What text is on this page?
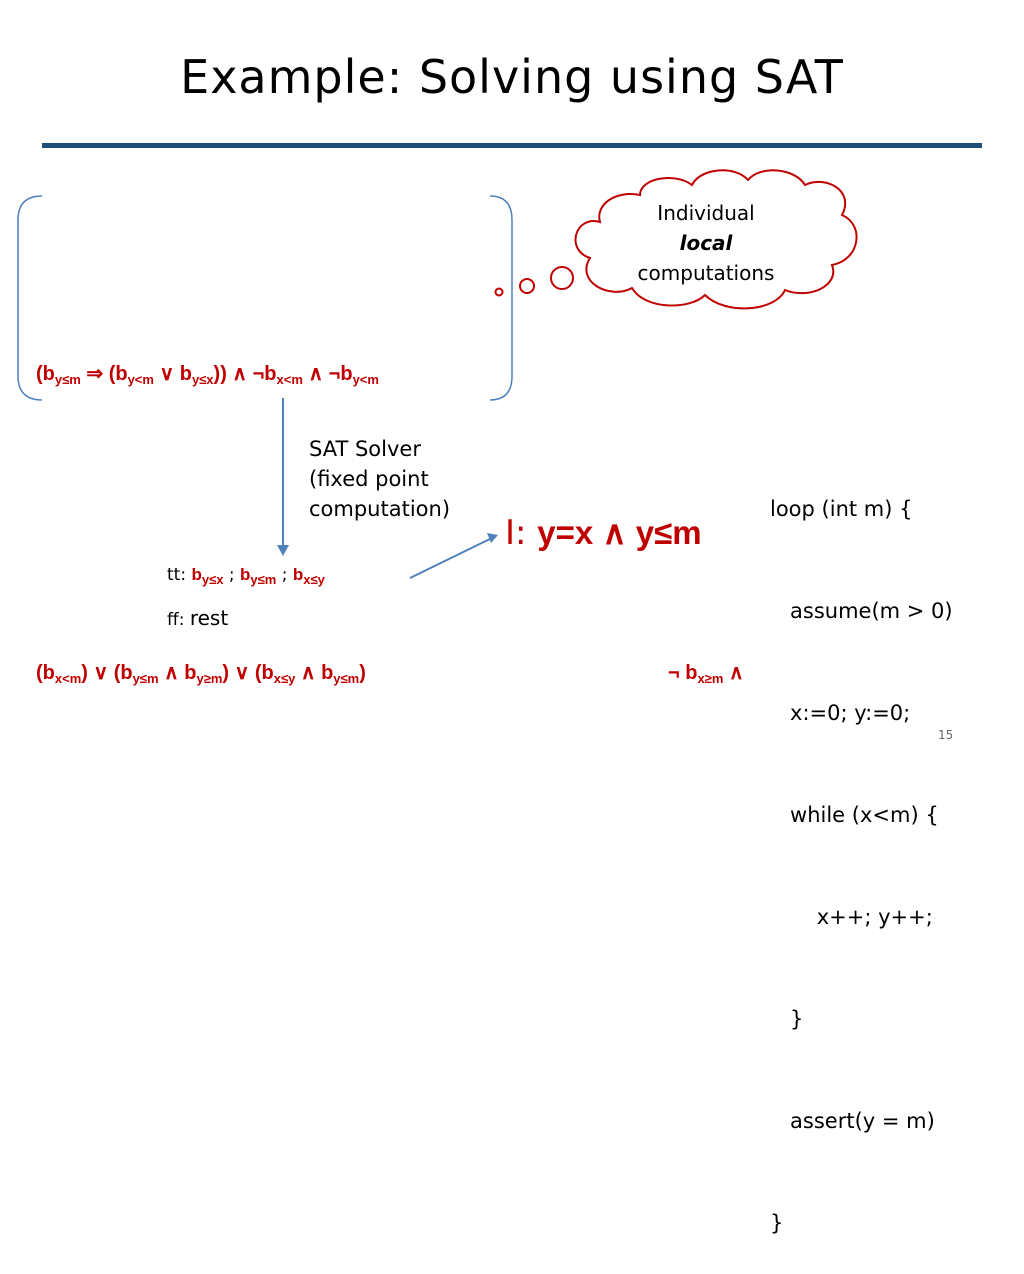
Example: Solving using SAT
Individual
local
computations
($b_{y\le m}$ ⇒ ($b_{y<m}$ ∨ $b_{y\le x}$)) ∧ $\neg b_{x<m}$ ∧ $\neg b_{y<m}$
SAT Solver
(fixed point
computation)
tt: $b_{y\le x}$ ; $b_{y\le m}$ ; $b_{x\le y}$
ff: rest
$(b_{x<m})$ ∨ ($b_{y\le m}$ ∧ $b_{y\ge m}$) ∨ ($b_{x\le y}$ ∧ $b_{y\le m}$)	¬ $b_{x\ge m}$ ∧
I: y=x ∧ y≤m

loop (int m) {

assume(m > 0)

x:=0; y:=0;

while (x<m) {

x++; y++;

}

assert(y = m)

}

15
